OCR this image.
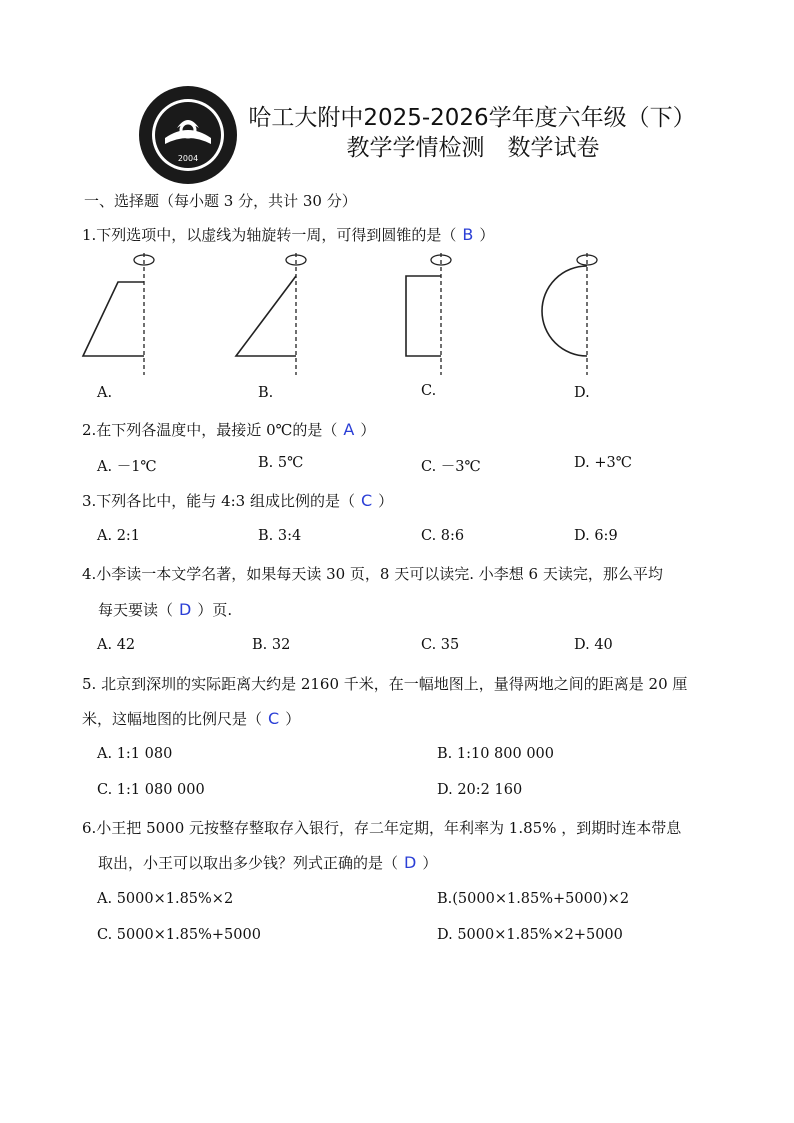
2004
哈工大附中2025-2026学年度六年级（下）
教学学情检测　数学试卷
一、选择题（每小题 3 分，共计 30 分）
1.下列选项中，以虚线为轴旋转一周，可得到圆锥的是（ B ）
A.	B.	C.	D.
2.在下列各温度中，最接近 0℃的是（ A ）
A. －1℃	B. 5℃	C. －3℃	D. +3℃
3.下列各比中，能与 4:3 组成比例的是（ C ）
A. 2:1	B. 3:4	C. 8:6	D. 6:9
4.小李读一本文学名著，如果每天读 30 页，8 天可以读完. 小李想 6 天读完，那么平均
每天要读（ D ）页.
A. 42	B. 32	C. 35	D. 40
5. 北京到深圳的实际距离大约是 2160 千米，在一幅地图上，量得两地之间的距离是 20 厘
米，这幅地图的比例尺是（ C ）
A. 1:1 080	B. 1:10 800 000
C. 1:1 080 000	D. 20:2 160
6.小王把 5000 元按整存整取存入银行，存二年定期，年利率为 1.85% ，到期时连本带息
取出，小王可以取出多少钱？列式正确的是（ D ）
A. 5000×1.85%×2	B.(5000×1.85%+5000)×2
C. 5000×1.85%+5000	D. 5000×1.85%×2+5000
